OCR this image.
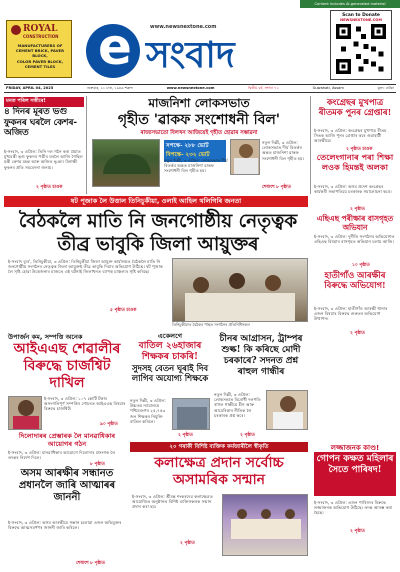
Content includes AI-generated material
ROYAL
CONSTRUCTION
MANUFACTURERS OF
CEMENT BRICK, PAVER BLOCK,
COLOR PAVER BLOCK,
CEMENT TILES
www.newsnextone.com
e সংবাদ
Scan to Donate
NEWSNEXTONE.COM
FRIDAY, APRIL 04, 2025	শুক্ৰবাৰ, ২১ চ'ত, ১৯৪৬ শকাব্দ	www.newsnextone.com	দ্বিতীয় বৰ্ষ, সংখ্যা ৭২	Guwahati, Assam	মূল্য: এটকা
মনত পৰিল সত্তীৰে!
৪ দিনৰ মূৰত ভগু ফুকনৰ ঘৰলৈ কেশৰ-অজিত
ই-সংবাদ, ৩ এপ্ৰিল: তিনি দল গঠন কৰা প্ৰয়াত মুখ্যমন্ত্ৰী ভৃগু ফুকনৰ পত্নীৰ ঘৰলৈ আজি গৈছিল মন্ত্ৰী কেশৱ মহন্ত আৰু অজিত ভূঞা। মিনাক্ষী ফুকনৰ প্ৰতি সমবেদনা জনায়।
২ পৃষ্ঠাত চাওক
মাজনিশা লোকসভাত
গৃহীত 'ৱাকফ সংশোধনী বিল'
ৰাজ্যসভাতো বিলখন আজিয়েই গৃহীত হোৱাৰ সম্ভাৱনা
সপক্ষে- ২৮৮ ভোট
বিপক্ষে- ২৩২ ভোট
নতুন দিল্লী, ৩ এপ্ৰিল: লোকসভাত দীৰ্ঘ বিতৰ্কৰ অন্তত মাজনিশা ৱাকফ সংশোধনী বিল গৃহীত হয়।
নতুন দিল্লী, ৩ এপ্ৰিল: লোকসভাত দীৰ্ঘ বিতৰ্কৰ অন্তত মাজনিশা ৱাকফ সংশোধনী বিল গৃহীত হয়।
শেষাংশ ৮ পৃষ্ঠাত
কংগ্ৰেছৰ মুখপাত্ৰ ৰীতমক পুনৰ গ্ৰেপ্তাৰ!
ই-সংবাদ, ৩ এপ্ৰিল: কংগ্ৰেছৰ মুখপাত্ৰ ৰীতম সিঙক আজি পুনৰ গ্ৰেপ্তাৰ কৰে গুৱাহাটী আৰক্ষীয়ে।
২ পৃষ্ঠাত চাওক
তেলেংগানাৰ পৰা শিক্ষা লওক হিমন্তই অলকা
ই-সংবাদ, ৩ এপ্ৰিল: অসম প্ৰদেশ কংগ্ৰেছৰ কাৰ্যকৰী সভাপতিয়ে চৰকাৰক সমালোচনা কৰে।
ষট পূজাক লৈ উত্তাল তিনিচুকীয়া, ওলাই আহিল থলিগিৰি জনতা
বৈঠকলৈ মাতি নি জনগোষ্ঠীয় নেতৃত্বক তীব্ৰ ভাবুকি জিলা আয়ুক্তৰ
ই-সংবাদ ব্যুৰ', তিনিচুকীয়া, ৩ এপ্ৰিল: তিনিচুকীয়া জিলা আয়ুক্ত কাৰ্যালয়ত বৈঠকলৈ মাতি নি জনগোষ্ঠীয় সংগঠনৰ নেতৃত্বক জিলা আয়ুক্তই তীব্ৰ ভাবুকি দিয়াৰ অভিযোগ উঠিছে। ষট পূজাক লৈ সৃষ্টি হোৱা উত্তেজনাৰ মাজতে এই ঘটনাই জিলাখনত ব্যাপক চাঞ্চল্যৰ সৃষ্টি কৰিছে।
৫ পৃষ্ঠাত চাওক
তিনিচুকীয়াত বৈঠকৰ পাছত সংগঠনৰ প্ৰতিনিধিসকল
২ পৃষ্ঠাত
এছিএছ পৰীক্ষাৰ বাসগৃহত অভিযান
ই-সংবাদ, ৩ এপ্ৰিল: দুৰ্নীতি সংগঠনৰ অভিযোগত এছিএছ বিষয়াৰ বাসগৃহত অভিযান চলায় আজি।
১০ পৃষ্ঠাত
হাতীগাঁও আৰক্ষীৰ বিৰুদ্ধে অভিযোগ!
ই-সংবাদ, ৩ এপ্ৰিল: হাতীগাঁও আৰক্ষী থানাৰ এজন বিষয়াৰ বিৰুদ্ধে গুৰুতৰ অভিযোগ উত্থাপন।
২ পৃষ্ঠাত
উপাৰ্জন কম, সম্পত্তি অনেক
আইএএছ শেৱালীৰ বিৰুদ্ধে চাৰ্জশ্বিট দাখিল
ই-সংবাদ, ৩ এপ্ৰিল: ১০৭ কোটি টকাৰ অসংগতিপূৰ্ণ সম্পত্তিৰ গোচৰত আইএএছ বিষয়াৰ বিৰুদ্ধে চাৰ্জশ্বিট।
৯০ পৃষ্ঠাত
একেলগে
বাতিল ২৬হাজাৰ শিক্ষকৰ চাকৰি!
সুদসহ বেতন ঘূৰাই দিব লাগিব অযোগ্য শিক্ষকে
নতুন দিল্লী, ৩ এপ্ৰিল: উচ্চতম ন্যায়ালয়ে পশ্চিমবংগৰ ২৫,৭৫৩ জন শিক্ষকৰ নিযুক্তি বাতিল কৰিলে।
২ পৃষ্ঠাত
চীনৰ আগ্ৰাসন, ট্ৰাম্পৰ শুল্ক! কি কৰিছে মোদী চৰকাৰে? সদনত প্ৰশ্ন ৰাহুল গান্ধীৰ
নতুন দিল্লী, ৩ এপ্ৰিল: লোকসভাত বিৰোধী দলপতি ৰাহুল গান্ধীয়ে চীন আৰু আমেৰিকাৰ নীতিক লৈ চৰকাৰক প্ৰশ্ন কৰে।
২ পৃষ্ঠাত
দিলোদাৰৰ প্ৰেম্ভাৰক লৈ মানৱাধিকাৰ আয়োগৰ গঠন
ই-সংবাদ, ৩ এপ্ৰিল: মানৱাধিকাৰ আয়োগে দিলোদাৰ প্ৰসংগক লৈ তদন্তৰ নিৰ্দেশ দিলে।
৮ পৃষ্ঠাত
২০ গৰাকী বিশিষ্ট ব্যক্তিক কৰ্মজাৰীলৈ স্বীকৃতি
অসম আৰক্ষীৰ সন্ধানত প্ৰধানলৈ জাৰি আত্মাৰৰ জাননী
ই-সংবাদ, ৩ এপ্ৰিল: অসম আৰক্ষীয়ে সন্ধান চলোৱা এজন অভিযুক্তৰ বিৰুদ্ধে আত্মসমৰ্পণৰ জাননী জাৰি কৰিলে।
শেষাংশ ৮ পৃষ্ঠাত
কলাক্ষেত্ৰ প্ৰদান সৰ্বোচ্চ অসামৰিক সন্মান
ই-সংবাদ, ৩ এপ্ৰিল: শ্ৰীমন্ত শংকৰদেৱ কলাক্ষেত্ৰত আয়োজিত অনুষ্ঠানত বিশিষ্ট ব্যক্তিসকলক সন্মান প্ৰদান কৰা হয়।
২ পৃষ্ঠাত
লজ্জাজনক কাণ্ড!
গোপন কক্ষত মহিলাৰ সৈতে পাৰিষদ!
ই-সংবাদ, ৩ এপ্ৰিল: এজন পাৰিষদৰ বিৰুদ্ধে লজ্জাজনক অভিযোগ উঠিছে। তদন্ত আৰম্ভ কৰা হৈছে।
২ পৃষ্ঠাত
